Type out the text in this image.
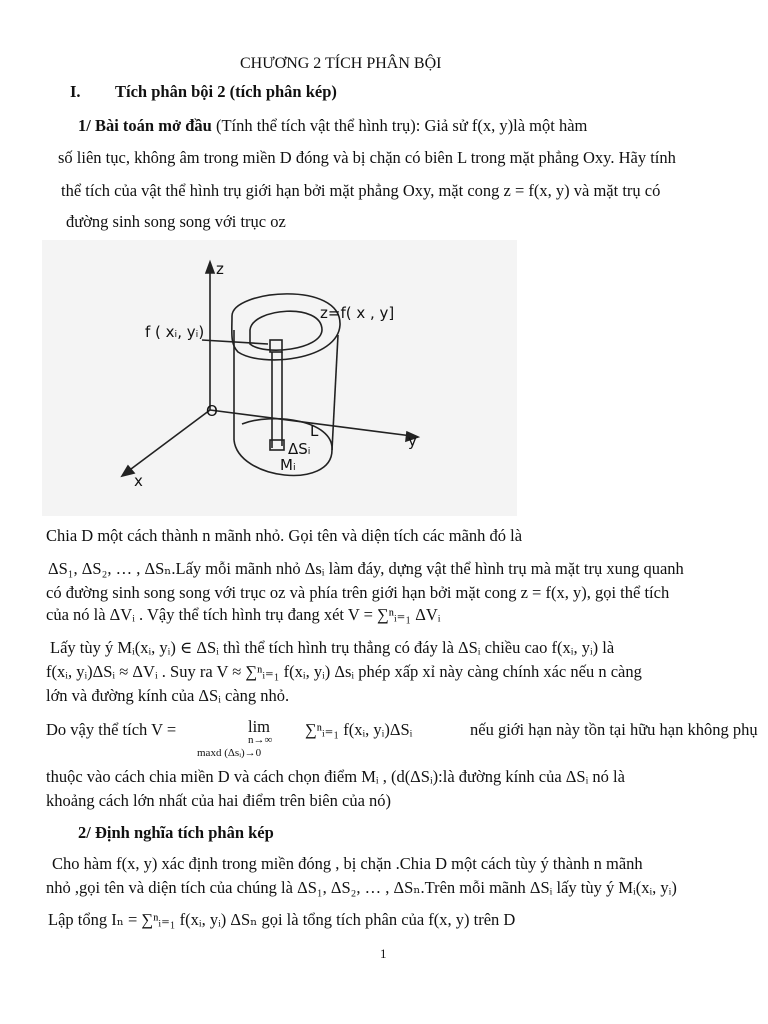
CHƯƠNG 2 TÍCH PHÂN BỘI
I. Tích phân bội 2 (tích phân kép)
1/ Bài toán mở đầu (Tính thể tích vật thể hình trụ): Giả sử f(x, y)là một hàm
số liên tục, không âm trong miền D đóng và bị chặn có biên L trong mặt phẳng Oxy. Hãy tính
thể tích của vật thể hình trụ giới hạn bởi mặt phẳng Oxy, mặt cong z = f(x, y) và mặt trụ có
đường sinh song song với trục oz
z
z=f( x , y]
f ( xᵢ, yᵢ)
O
L
y
x
ΔSᵢ
Mᵢ
Chia D một cách thành n mãnh nhỏ. Gọi tên và diện tích các mãnh đó là
ΔS₁, ΔS₂, … , ΔSₙ.Lấy mỗi mãnh nhỏ Δsᵢ làm đáy, dựng vật thể hình trụ mà mặt trụ xung quanh
có đường sinh song song với trục oz và phía trên giới hạn bởi mặt cong z = f(x, y), gọi thể tích
của nó là ΔVᵢ . Vậy thể tích hình trụ đang xét V = ∑ⁿᵢ₌₁ ΔVᵢ
Lấy tùy ý Mᵢ(xᵢ, yᵢ) ∈ ΔSᵢ thì thể tích hình trụ thẳng có đáy là ΔSᵢ chiều cao f(xᵢ, yᵢ) là
f(xᵢ, yᵢ)ΔSᵢ ≈ ΔVᵢ . Suy ra V ≈ ∑ⁿᵢ₌₁ f(xᵢ, yᵢ) Δsᵢ phép xấp xỉ này càng chính xác nếu n càng
lớn và đường kính của ΔSᵢ càng nhỏ.
Do vậy thể tích V =	lim
n→∞
maxd (Δsᵢ)→0
∑ⁿᵢ₌₁ f(xᵢ, yᵢ)ΔSᵢ	nếu giới hạn này tồn tại hữu hạn không phụ
thuộc vào cách chia miền D và cách chọn điểm Mᵢ , (d(ΔSᵢ):là đường kính của ΔSᵢ nó là
khoảng cách lớn nhất của hai điểm trên biên của nó)
2/ Định nghĩa tích phân kép
Cho hàm f(x, y) xác định trong miền đóng , bị chặn .Chia D một cách tùy ý thành n mãnh
nhỏ ,gọi tên và diện tích của chúng là ΔS₁, ΔS₂, … , ΔSₙ.Trên mỗi mãnh ΔSᵢ lấy tùy ý Mᵢ(xᵢ, yᵢ)
Lập tổng Iₙ = ∑ⁿᵢ₌₁ f(xᵢ, yᵢ) ΔSₙ gọi là tổng tích phân của f(x, y) trên D
1
